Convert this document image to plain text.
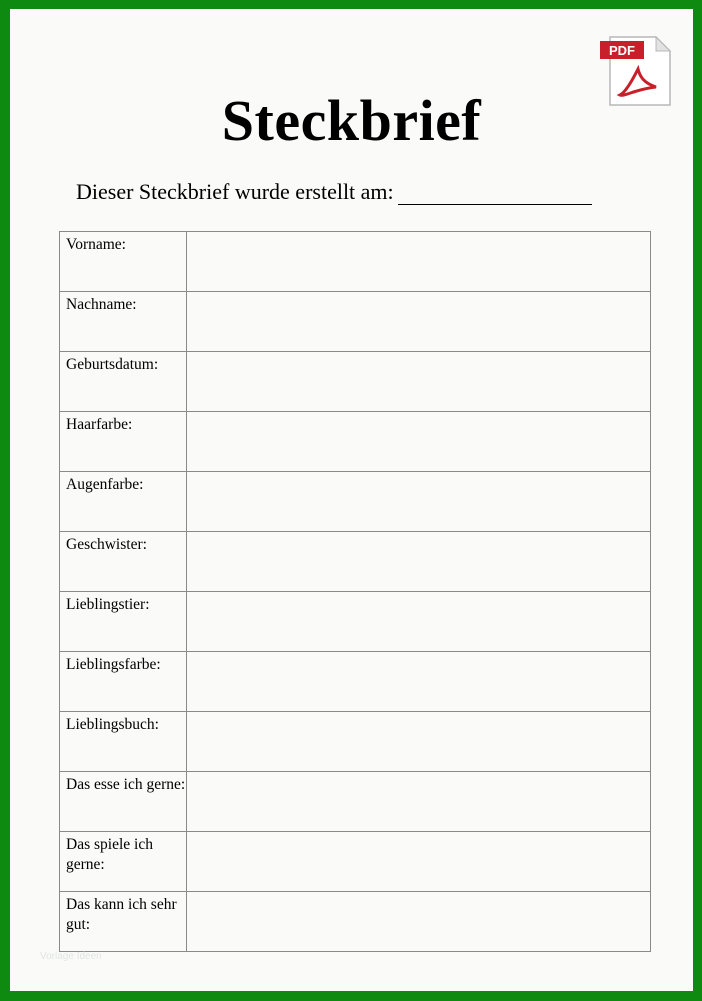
PDF
Steckbrief
Dieser Steckbrief wurde erstellt am:
Vorname:	
Nachname:	
Geburtsdatum:	
Haarfarbe:	
Augenfarbe:	
Geschwister:	
Lieblingstier:	
Lieblingsfarbe:	
Lieblingsbuch:	
Das esse ich gerne:	
Das spiele ich gerne:	
Das kann ich sehr gut:	
Vorlage Ideen
